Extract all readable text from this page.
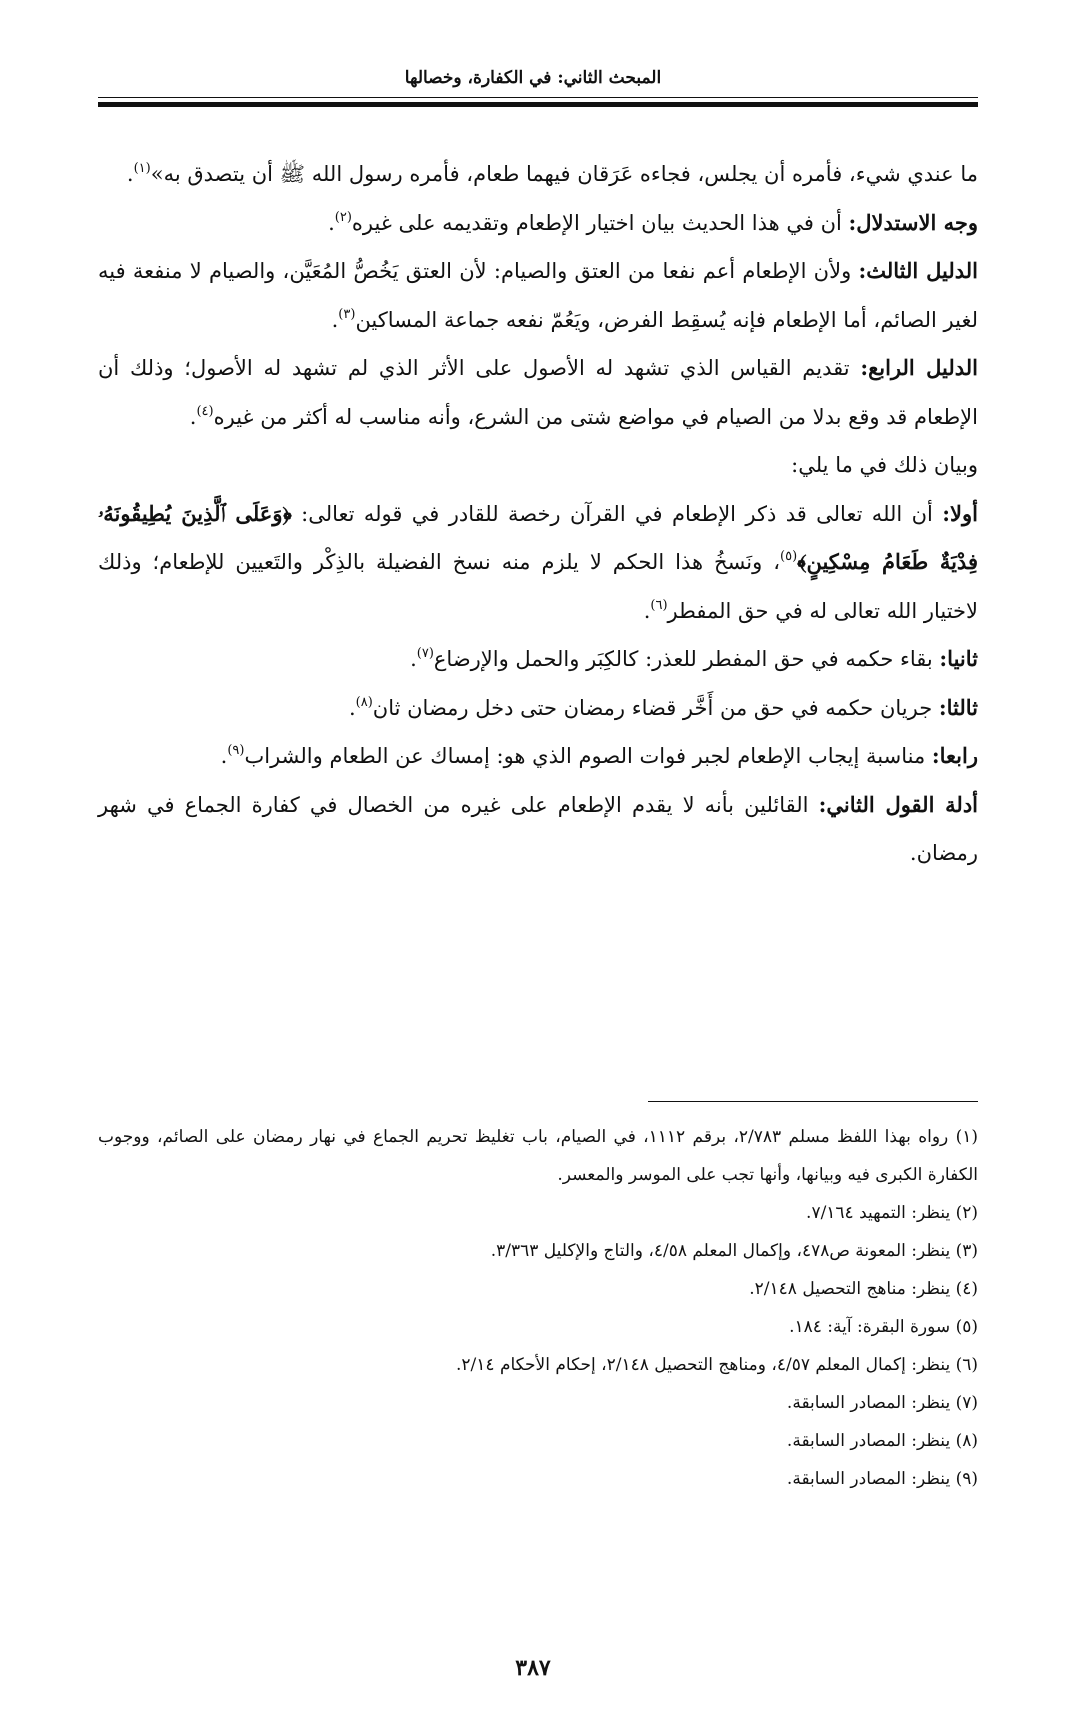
المبحث الثاني: في الكفارة، وخصالها

ما عندي شيء، فأمره أن يجلس، فجاءه عَرَقان فيهما طعام، فأمره رسول الله ﷺ أن يتصدق به»$^{(١)}$.

وجه الاستدلال: أن في هذا الحديث بيان اختيار الإطعام وتقديمه على غيره$^{(٢)}$.

الدليل الثالث: ولأن الإطعام أعم نفعا من العتق والصيام: لأن العتق يَخُصُّ المُعَيَّن، والصيام لا منفعة فيه لغير الصائم، أما الإطعام فإنه يُسقِط الفرض، ويَعُمّ نفعه جماعة المساكين$^{(٣)}$.

الدليل الرابع: تقديم القياس الذي تشهد له الأصول على الأثر الذي لم تشهد له الأصول؛ وذلك أن الإطعام قد وقع بدلا من الصيام في مواضع شتى من الشرع، وأنه مناسب له أكثر من غيره$^{(٤)}$.

وبيان ذلك في ما يلي:

أولا: أن الله تعالى قد ذكر الإطعام في القرآن رخصة للقادر في قوله تعالى: ﴿وَعَلَى ٱلَّذِينَ يُطِيقُونَهُۥ فِدْيَةٌ طَعَامُ مِسْكِينٍ﴾$^{(٥)}$، ونَسخُ هذا الحكم لا يلزم منه نسخ الفضيلة بالذِكْر والتَعيين للإطعام؛ وذلك لاختيار الله تعالى له في حق المفطر$^{(٦)}$.

ثانيا: بقاء حكمه في حق المفطر للعذر: كالكِبَر والحمل والإرضاع$^{(٧)}$.

ثالثا: جريان حكمه في حق من أَخَّر قضاء رمضان حتى دخل رمضان ثان$^{(٨)}$.

رابعا: مناسبة إيجاب الإطعام لجبر فوات الصوم الذي هو: إمساك عن الطعام والشراب$^{(٩)}$.

أدلة القول الثاني: القائلين بأنه لا يقدم الإطعام على غيره من الخصال في كفارة الجماع في شهر رمضان.

(١) رواه بهذا اللفظ مسلم ٢/٧٨٣، برقم ١١١٢، في الصيام، باب تغليظ تحريم الجماع في نهار رمضان على الصائم، ووجوب الكفارة الكبرى فيه وبيانها، وأنها تجب على الموسر والمعسر.

(٢) ينظر: التمهيد ٧/١٦٤.

(٣) ينظر: المعونة ص٤٧٨، وإكمال المعلم ٤/٥٨، والتاج والإكليل ٣/٣٦٣.

(٤) ينظر: مناهج التحصيل ٢/١٤٨.

(٥) سورة البقرة: آية: ١٨٤.

(٦) ينظر: إكمال المعلم ٤/٥٧، ومناهج التحصيل ٢/١٤٨، إحكام الأحكام ٢/١٤.

(٧) ينظر: المصادر السابقة.

(٨) ينظر: المصادر السابقة.

(٩) ينظر: المصادر السابقة.

٣٨٧
